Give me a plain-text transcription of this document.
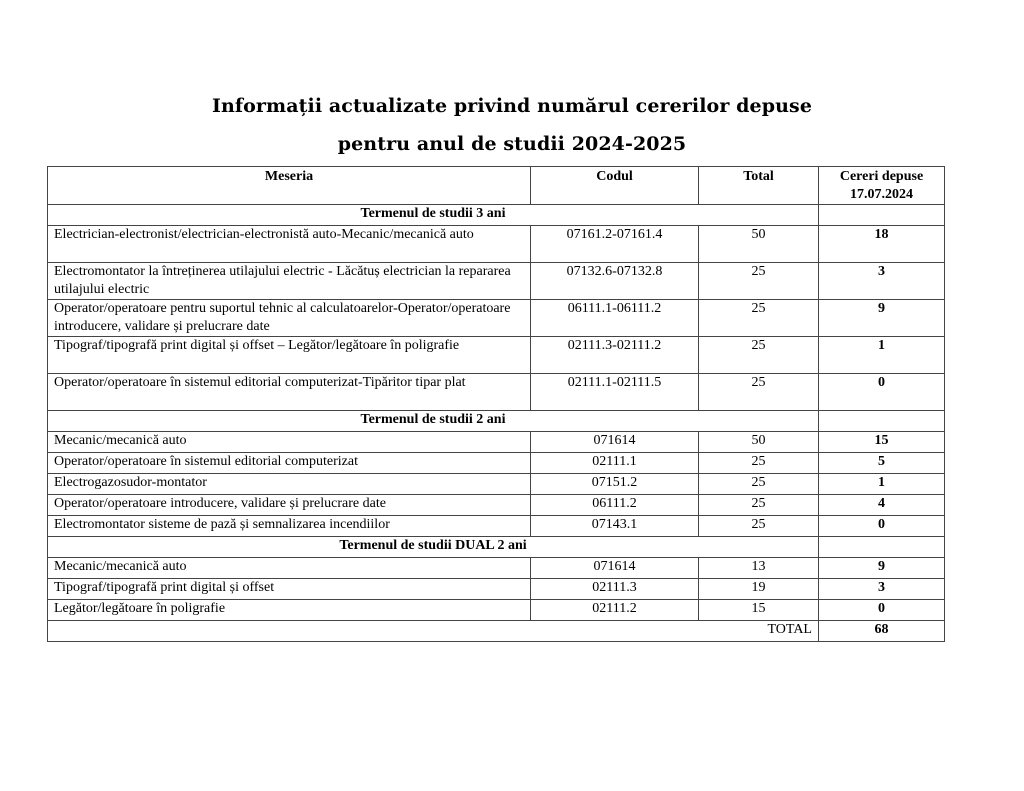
Informații actualizate privind numărul cererilor depuse
pentru anul de studii 2024-2025
Meseria	Codul	Total	Cereri depuse 17.07.2024
Termenul de studii 3 ani			
Electrician-electronist/electrician-electronistă auto-Mecanic/mecanică auto	07161.2-07161.4	50	18
Electromontator la întreținerea utilajului electric - Lăcătuș electrician la repararea utilajului electric	07132.6-07132.8	25	3
Operator/operatoare pentru suportul tehnic al calculatoarelor-Operator/operatoare introducere, validare și prelucrare date	06111.1-06111.2	25	9
Tipograf/tipografă print digital și offset – Legător/legătoare în poligrafie	02111.3-02111.2	25	1
Operator/operatoare în sistemul editorial computerizat-Tipăritor tipar plat	02111.1-02111.5	25	0
Termenul de studii 2 ani			
Mecanic/mecanică auto	071614	50	15
Operator/operatoare în sistemul editorial computerizat	02111.1	25	5
Electrogazosudor-montator	07151.2	25	1
Operator/operatoare introducere, validare și prelucrare date	06111.2	25	4
Electromontator sisteme de pază și semnalizarea incendiilor	07143.1	25	0
Termenul de studii DUAL 2 ani			
Mecanic/mecanică auto	071614	13	9
Tipograf/tipografă print digital și offset	02111.3	19	3
Legător/legătoare în poligrafie	02111.2	15	0
TOTAL			68
